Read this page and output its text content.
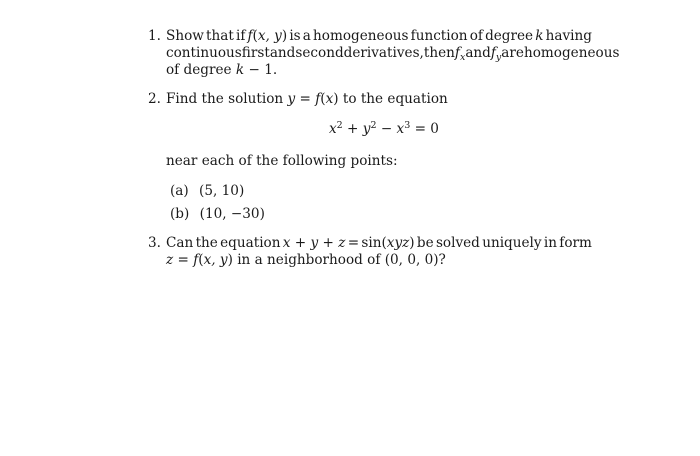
1. Show that if f(x, y) is a homogeneous function of degree k having
continuous first and second derivatives, then $f_x$ and $f_y$ are homogeneous
of degree k − 1.
2. Find the solution y = f(x) to the equation
$x^2 + y^2 - x^3 = 0$
near each of the following points:
(a) (5, 10)
(b) (10, −30)
3. Can the equation x + y + z = sin(xyz) be solved uniquely in form
z = f(x, y) in a neighborhood of (0, 0, 0)?
